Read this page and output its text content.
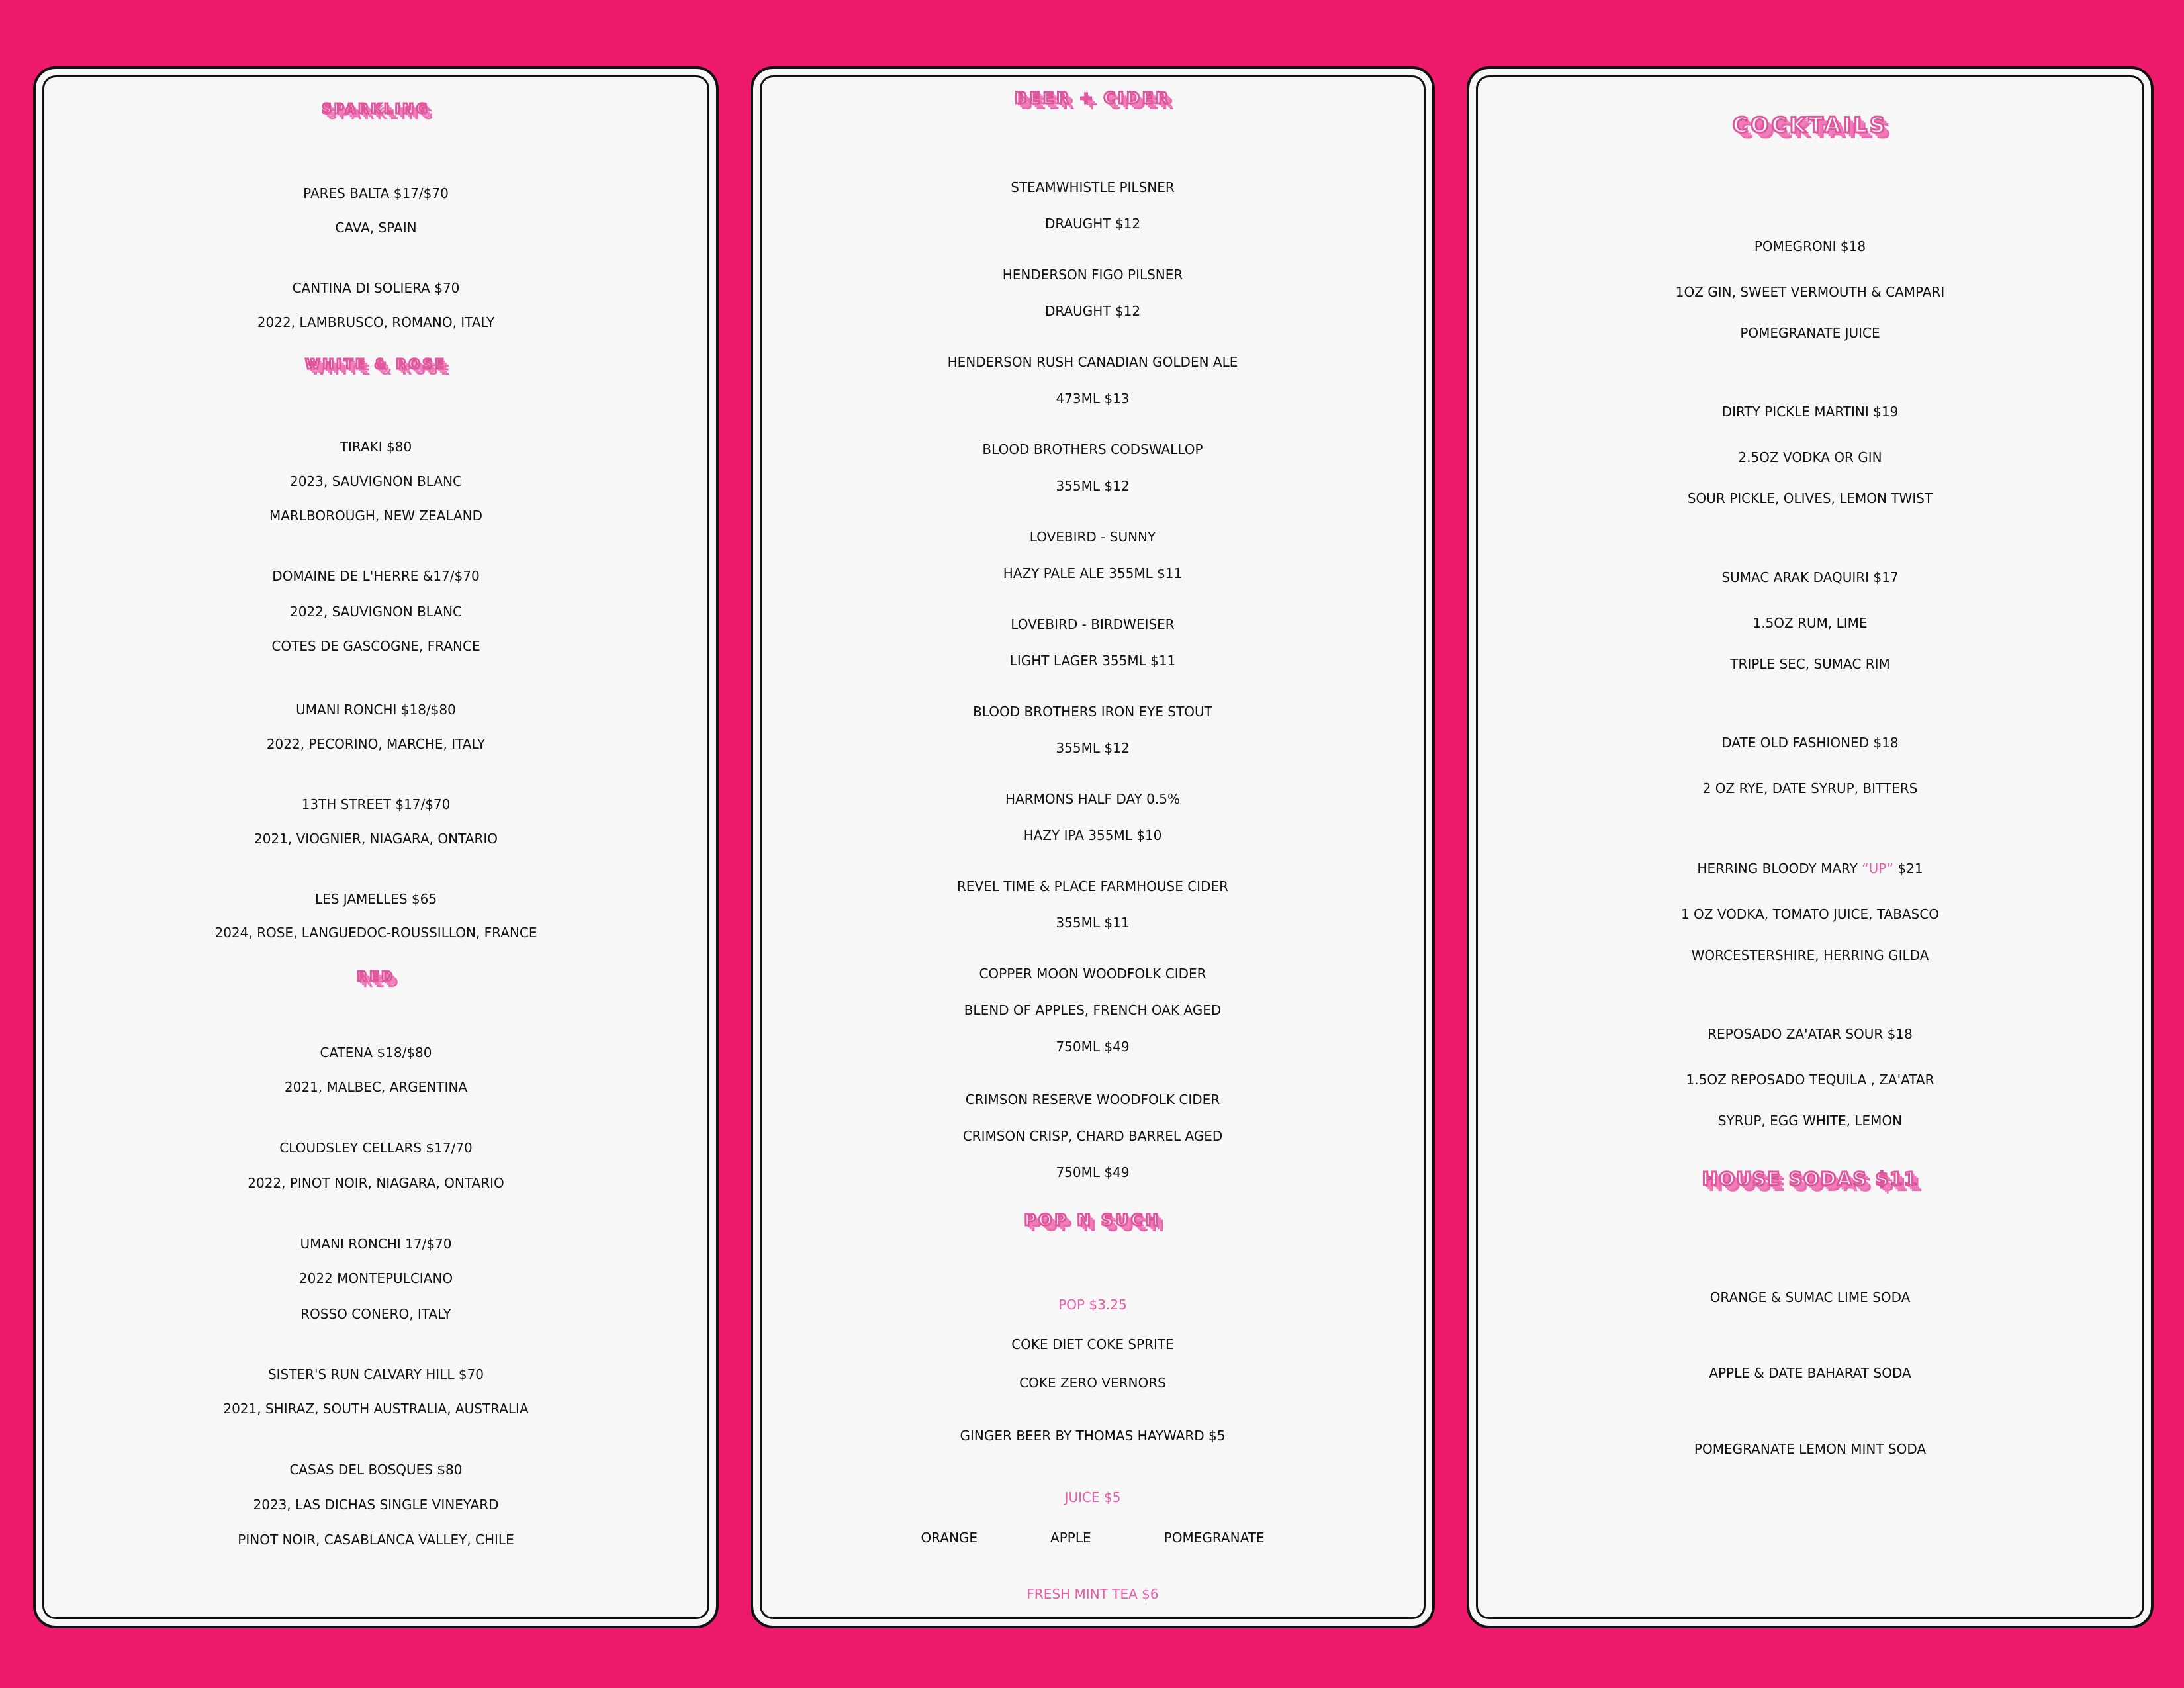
SPARKLING
PARES BALTA $17/$70
CAVA, SPAIN
CANTINA DI SOLIERA $70
2022, LAMBRUSCO, ROMANO, ITALY
WHITE & ROSE
TIRAKI $80
2023, SAUVIGNON BLANC
MARLBOROUGH, NEW ZEALAND
DOMAINE DE L'HERRE &17/$70
2022, SAUVIGNON BLANC
COTES DE GASCOGNE, FRANCE
UMANI RONCHI $18/$80
2022, PECORINO, MARCHE, ITALY
13TH STREET $17/$70
2021, VIOGNIER, NIAGARA, ONTARIO
LES JAMELLES $65
2024, ROSE, LANGUEDOC-ROUSSILLON, FRANCE
RED
CATENA $18/$80
2021, MALBEC, ARGENTINA
CLOUDSLEY CELLARS $17/70
2022, PINOT NOIR, NIAGARA, ONTARIO
UMANI RONCHI 17/$70
2022 MONTEPULCIANO
ROSSO CONERO, ITALY
SISTER'S RUN CALVARY HILL $70
2021, SHIRAZ, SOUTH AUSTRALIA, AUSTRALIA
CASAS DEL BOSQUES $80
2023, LAS DICHAS SINGLE VINEYARD
PINOT NOIR, CASABLANCA VALLEY, CHILE
BEER + CIDER
STEAMWHISTLE PILSNER
DRAUGHT $12
HENDERSON FIGO PILSNER
DRAUGHT $12
HENDERSON RUSH CANADIAN GOLDEN ALE
473ML $13
BLOOD BROTHERS CODSWALLOP
355ML $12
LOVEBIRD - SUNNY
HAZY PALE ALE 355ML $11
LOVEBIRD - BIRDWEISER
LIGHT LAGER 355ML $11
BLOOD BROTHERS IRON EYE STOUT
355ML $12
HARMONS HALF DAY 0.5%
HAZY IPA 355ML $10
REVEL TIME & PLACE FARMHOUSE CIDER
355ML $11
COPPER MOON WOODFOLK CIDER
BLEND OF APPLES, FRENCH OAK AGED
750ML $49
CRIMSON RESERVE WOODFOLK CIDER
CRIMSON CRISP, CHARD BARREL AGED
750ML $49
POP N SUCH
POP $3.25
COKE DIET COKE SPRITE
COKE ZERO VERNORS
GINGER BEER BY THOMAS HAYWARD $5
JUICE $5
ORANGE	APPLE	POMEGRANATE
FRESH MINT TEA $6
COCKTAILS
POMEGRONI $18
1OZ GIN, SWEET VERMOUTH & CAMPARI
POMEGRANATE JUICE
DIRTY PICKLE MARTINI $19
2.5OZ VODKA OR GIN
SOUR PICKLE, OLIVES, LEMON TWIST
SUMAC ARAK DAQUIRI $17
1.5OZ RUM, LIME
TRIPLE SEC, SUMAC RIM
DATE OLD FASHIONED $18
2 OZ RYE, DATE SYRUP, BITTERS
HERRING BLOODY MARY “UP” $21
1 OZ VODKA, TOMATO JUICE, TABASCO
WORCESTERSHIRE, HERRING GILDA
REPOSADO ZA'ATAR SOUR $18
1.5OZ REPOSADO TEQUILA , ZA'ATAR
SYRUP, EGG WHITE, LEMON
HOUSE SODAS $11
ORANGE & SUMAC LIME SODA
APPLE & DATE BAHARAT SODA
POMEGRANATE LEMON MINT SODA
